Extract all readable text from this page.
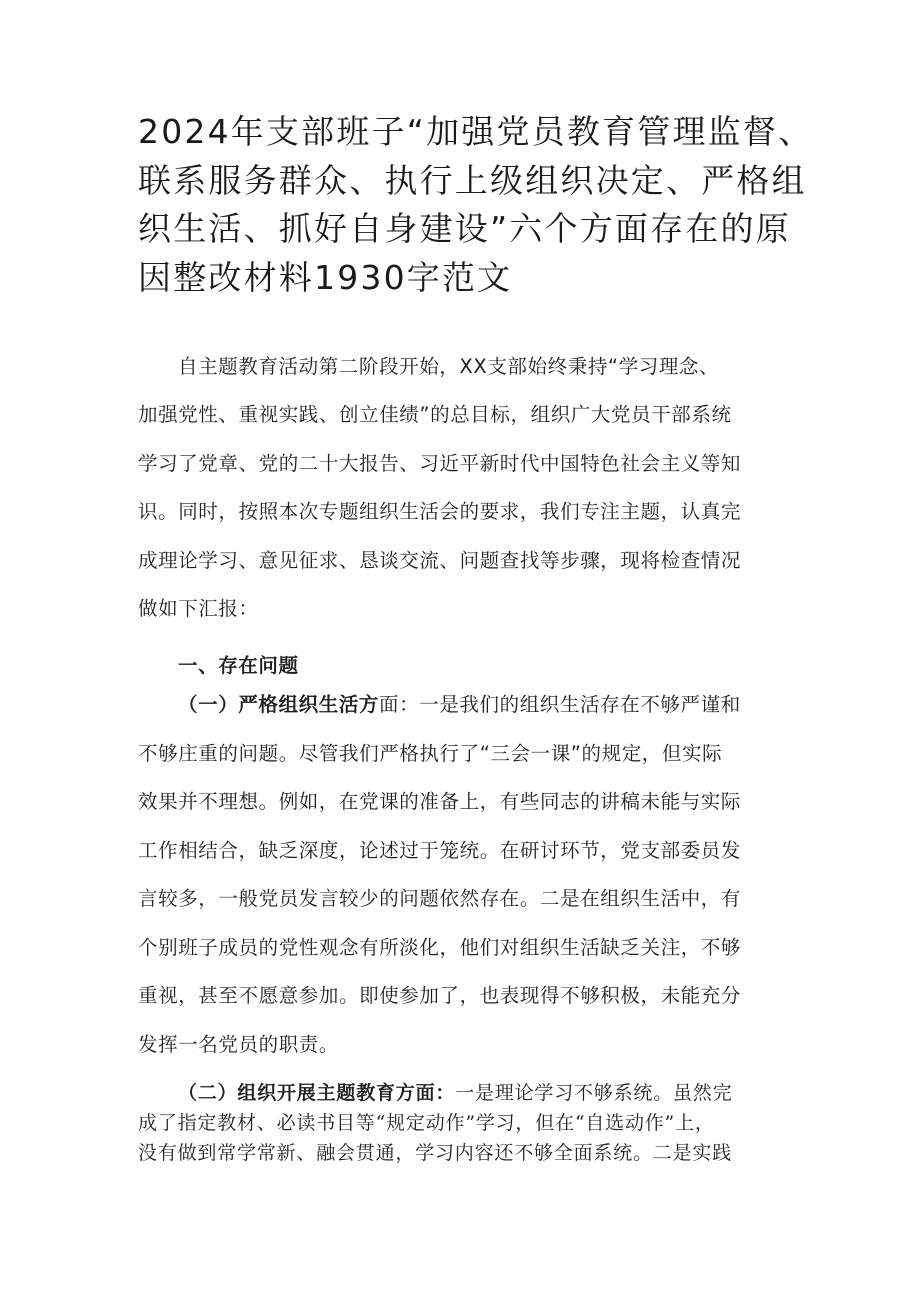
2024年支部班子“加强党员教育管理监督、
联系服务群众、执行上级组织决定、严格组
织生活、抓好自身建设”六个方面存在的原
因整改材料1930字范文
自主题教育活动第二阶段开始，XX支部始终秉持“学习理念、
加强党性、重视实践、创立佳绩”的总目标，组织广大党员干部系统
学习了党章、党的二十大报告、习近平新时代中国特色社会主义等知
识。同时，按照本次专题组织生活会的要求，我们专注主题，认真完
成理论学习、意见征求、恳谈交流、问题查找等步骤，现将检查情况
做如下汇报：
一、存在问题
（一）严格组织生活方面：一是我们的组织生活存在不够严谨和
不够庄重的问题。尽管我们严格执行了“三会一课”的规定，但实际
效果并不理想。例如，在党课的准备上，有些同志的讲稿未能与实际
工作相结合，缺乏深度，论述过于笼统。在研讨环节，党支部委员发
言较多，一般党员发言较少的问题依然存在。二是在组织生活中，有
个别班子成员的党性观念有所淡化，他们对组织生活缺乏关注，不够
重视，甚至不愿意参加。即使参加了，也表现得不够积极，未能充分
发挥一名党员的职责。
（二）组织开展主题教育方面：一是理论学习不够系统。虽然完
成了指定教材、必读书目等“规定动作”学习，但在“自选动作”上，
没有做到常学常新、融会贯通，学习内容还不够全面系统。二是实践
